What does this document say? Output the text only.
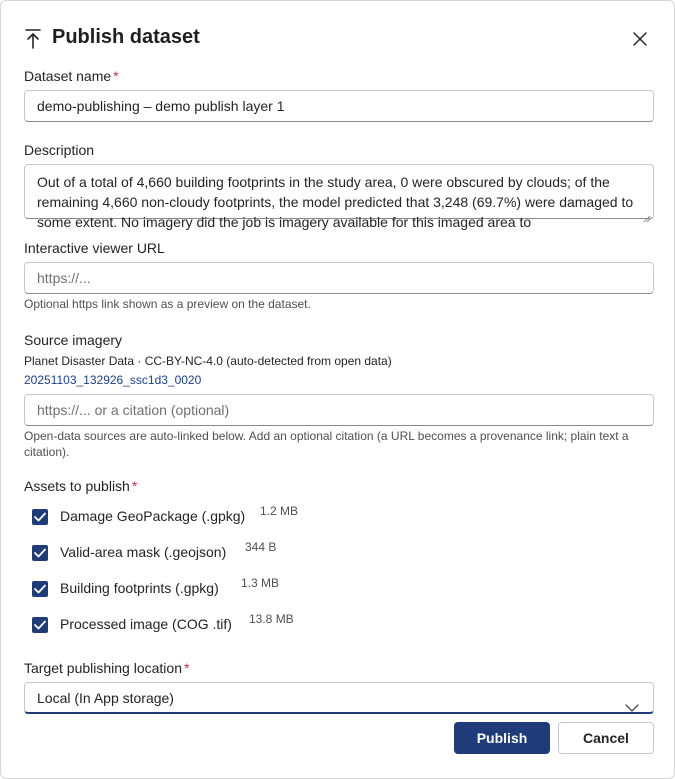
Publish dataset
Dataset name *
demo-publishing – demo publish layer 1
Description
Out of a total of 4,660 building footprints in the study area, 0 were obscured by clouds; of the remaining 4,660 non-cloudy footprints, the model predicted that 3,248 (69.7%) were damaged to some extent. No imagery did the job is imagery available for this imaged area to
Interactive viewer URL
https://...
Optional https link shown as a preview on the dataset.
Source imagery
Planet Disaster Data · CC-BY-NC-4.0 (auto-detected from open data)
20251103_132926_ssc1d3_0020
https://... or a citation (optional)
Open-data sources are auto-linked below. Add an optional citation (a URL becomes a provenance link; plain text a citation).
Assets to publish *
Damage GeoPackage (.gpkg) 1.2 MB
Valid-area mask (.geojson) 344 B
Building footprints (.gpkg) 1.3 MB
Processed image (COG .tif) 13.8 MB
Target publishing location *
Local (In App storage)
Publish	Cancel
